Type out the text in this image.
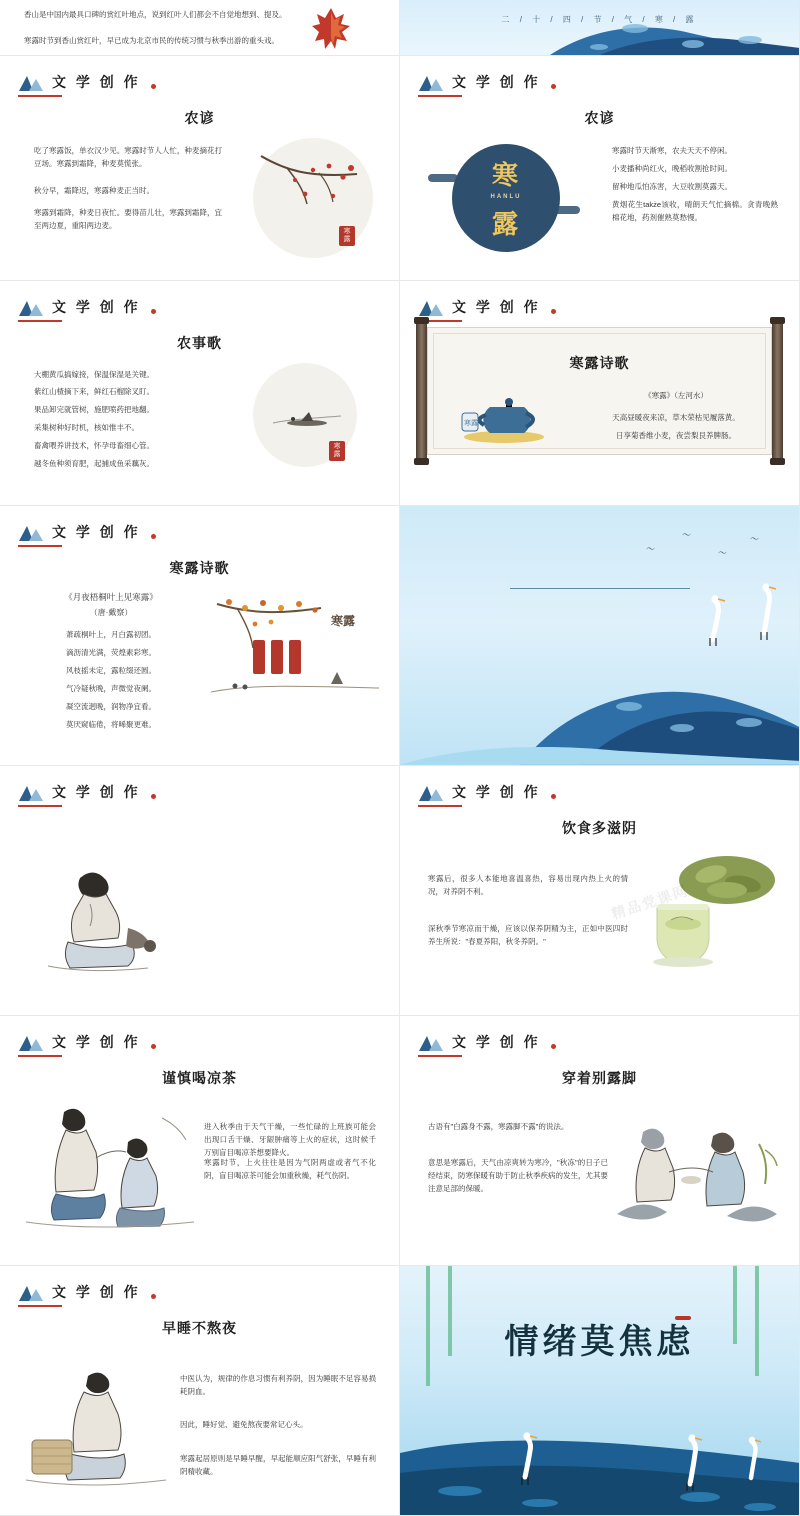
香山是中国内最具口碑的赏红叶地点，说到红叶人们都会不自觉地想到、提及。
寒露时节到香山赏红叶，早已成为北京市民的传统习惯与秋季出游的重头戏。
二 / 十 / 四 / 节 / 气 / 寒 / 露
文 学 创 作
农谚
寒露
吃了寒露饭，单衣汉少见。寒露时节人人忙，种麦摘花打豆场。寒露到霜降，种麦莫慌张。
秋分早，霜降迟，寒露种麦正当时。
寒露到霜降，种麦日夜忙。要得苗儿壮，寒露到霜降，宜至两边夏，重阳两边麦。
文 学 创 作
农谚
寒
HANLU
露
寒露时节天渐寒，农夫天天不停闲。
小麦播种尚红火，晚稻收割抢时间。
留种地瓜怕冻害，大豆收割莫露天。
黄烟花生także该收，晴朗天气忙摘棉。贪青晚熟棉花地，药剂催熟莫愁慢。
文 学 创 作
农事歌
寒露
大棚黄瓜搞嫁接，保温保湿是关键。
紫红山楂摘下来，鲜红石榴除叉盯。
果品卸完就管树，施肥喷药把地翻。
采集树种好时机，核如惟丰不。
畜禽喂养讲技术，怀孕母畜细心管。
越冬鱼种须育肥，起捕成鱼采藕灰。
文 学 创 作
寒露诗歌
寒露
《寒露》（左河水）
天高昼暖夜来凉，草木荣枯见履落黄。
日享菊香维小麦，夜尝梨艮养脾肠。
文 学 创 作
寒露诗歌
《月夜梧桐叶上见寒露》
（唐·戴察）
萧疏桐叶上，月白露初团。
滴沥清光满，荧煌素彩寒。
风枝摇未定，露粒缀还圆。
气冷疑秋晚，声微觉夜阑。
凝空流迥晚，润物净宜看。
莫厌窥临倦，将晞聚更难。
寒露
〜
〜
〜
〜
文 学 创 作	文 学 创 作
饮食多滋阴
寒露后，很多人本能地喜温喜热，容易出现内热上火的情况，对养阴不利。
深秋季节寒凉而干燥，应该以保养阴精为主，正如中医四时养生所说："春夏养阳，秋冬养阴。"
精品党课网
文 学 创 作
谨慎喝凉茶
进入秋季由于天气干燥，一些忙碌的上班族可能会出现口舌干燥、牙龈肿痛等上火的症状，这时候千万别盲目喝凉茶想要降火。
寒露时节，上火往往是因为气阴两虚或者气不化阴，盲目喝凉茶可能会加重秋燥，耗气伤阴。
文 学 创 作
穿着别露脚
古语有"白露身不露，寒露脚不露"的说法。
意思是寒露后，天气由凉爽转为寒冷，"秋冻"的日子已经结束，防寒保暖有助于防止秋季疾病的发生，尤其要注意足部的保暖。
文 学 创 作
早睡不熬夜
中医认为，规律的作息习惯有利养阴，因为睡眠不足容易损耗阴血。
因此，睡好觉、避免熬夜要常记心头。
寒露起居原则是早睡早醒，早起能顺应阳气舒张，早睡有利阴精收藏。
情绪莫焦虑
